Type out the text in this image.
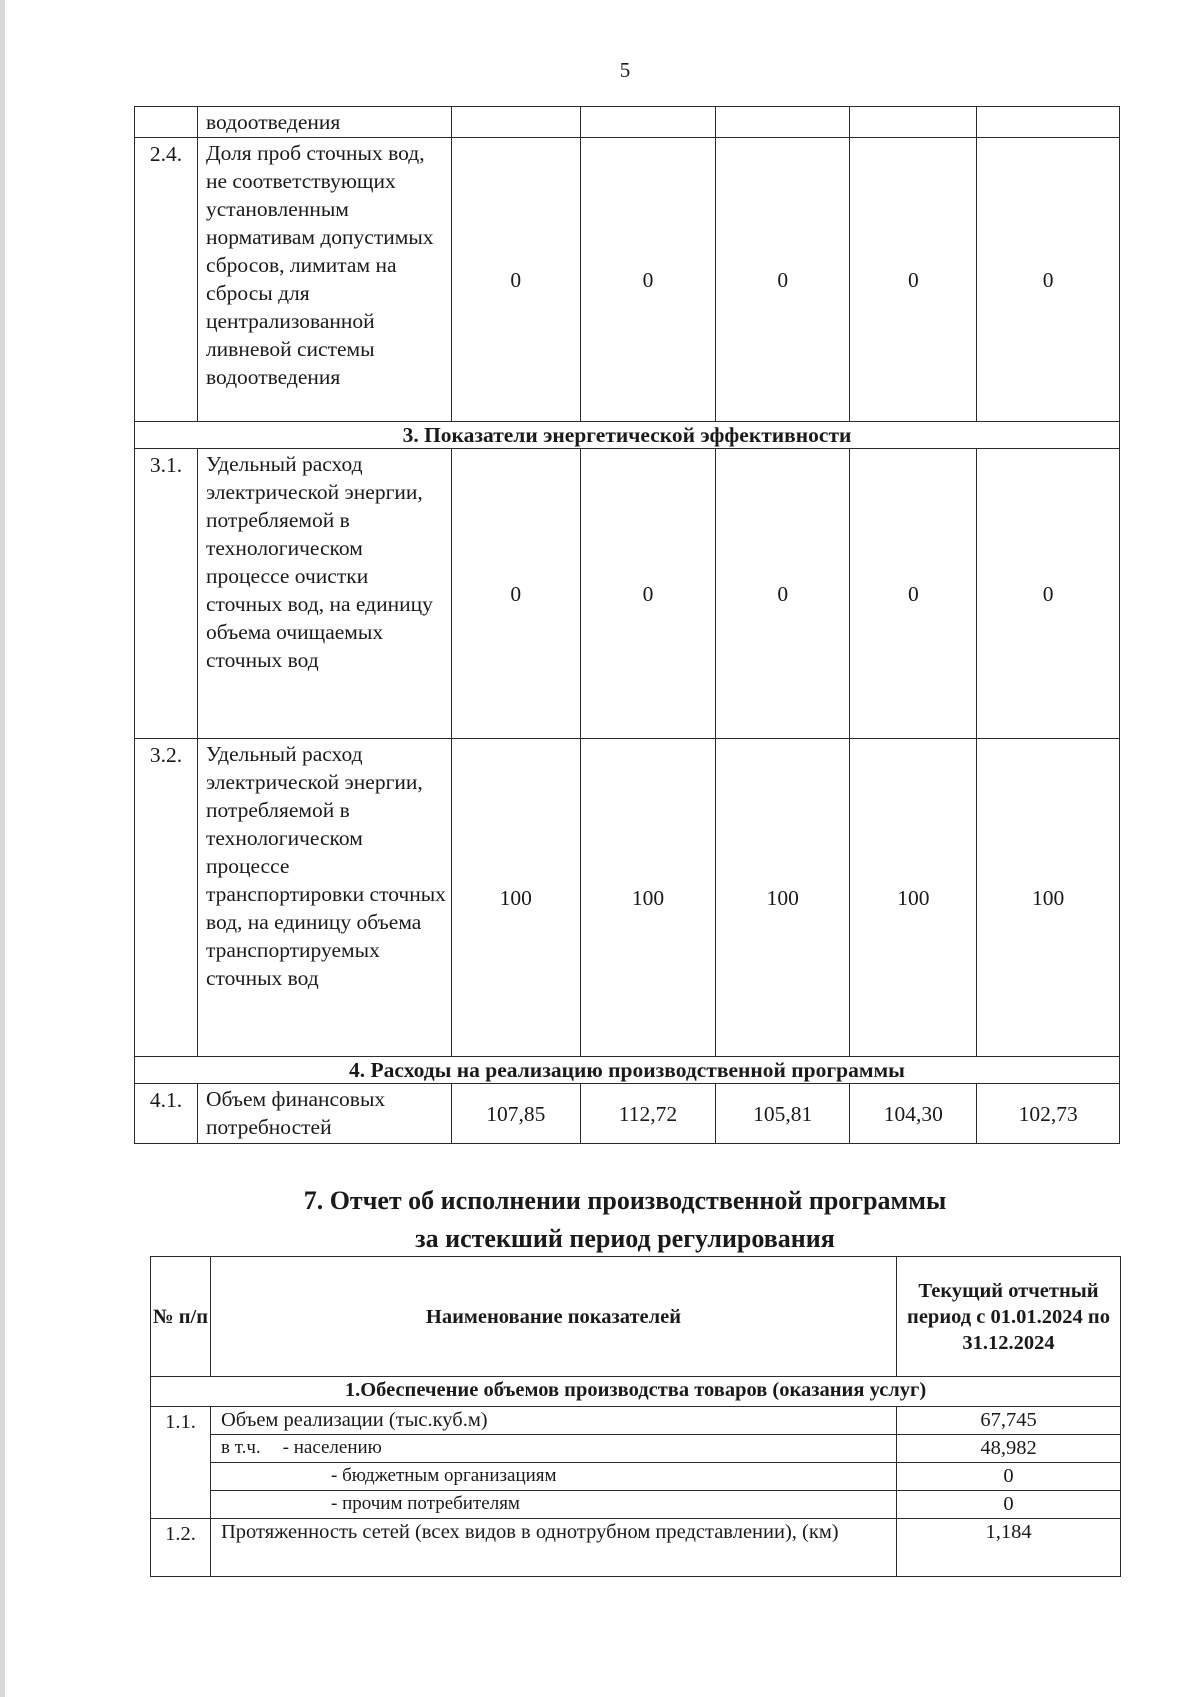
5
	водоотведения					
2.4.	Доля проб сточных вод, не соответствующих установленным нормативам допустимых сбросов, лимитам на сбросы для централизованной ливневой системы водоотведения	0	0	0	0	0
3. Показатели энергетической эффективности						
3.1.	Удельный расход электрической энергии, потребляемой в технологическом процессе очистки сточных вод, на единицу объема очищаемых сточных вод	0	0	0	0	0
3.2.	Удельный расход электрической энергии, потребляемой в технологическом процессе транспортировки сточных вод, на единицу объема транспортируемых сточных вод	100	100	100	100	100
4. Расходы на реализацию производственной программы						
4.1.	Объем финансовых потребностей	107,85	112,72	105,81	104,30	102,73
7. Отчет об исполнении производственной программы
за истекший период регулирования
№ п/п	Наименование показателей	Текущий отчетный период с 01.01.2024 по 31.12.2024
1.Обеспечение объемов производства товаров (оказания услуг)		
1.1.	Объем реализации (тыс.куб.м)	67,745
	в т.ч. - населению	48,982
	- бюджетным организациям	0
	- прочим потребителям	0
1.2.	Протяженность сетей (всех видов в однотрубном представлении), (км)	1,184
